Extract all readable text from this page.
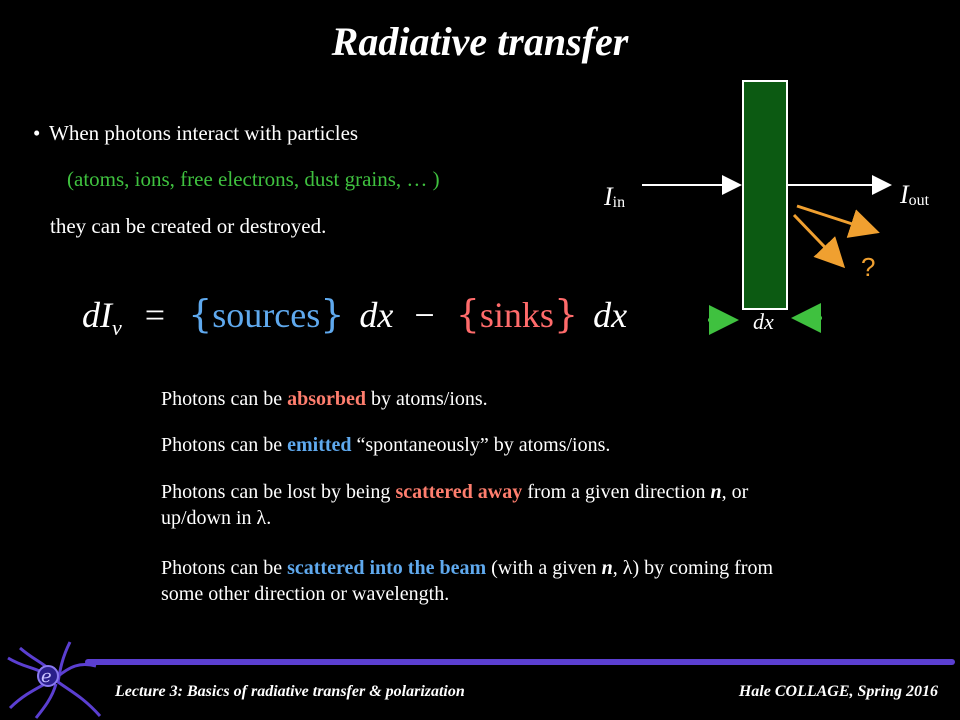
Radiative transfer
• When photons interact with particles
(atoms, ions, free electrons, dust grains, … )
they can be created or destroyed.
$dI_\nu$ = {sources} dx − {sinks} dx
Photons can be absorbed by atoms/ions.
Photons can be emitted “spontaneously” by atoms/ions.
Photons can be lost by being scattered away from a given direction n, or up/down in λ.
Photons can be scattered into the beam (with a given n, λ) by coming from some other direction or wavelength.
Iin	Iout
?
dx
e
Lecture 3: Basics of radiative transfer & polarization	Hale COLLAGE, Spring 2016
